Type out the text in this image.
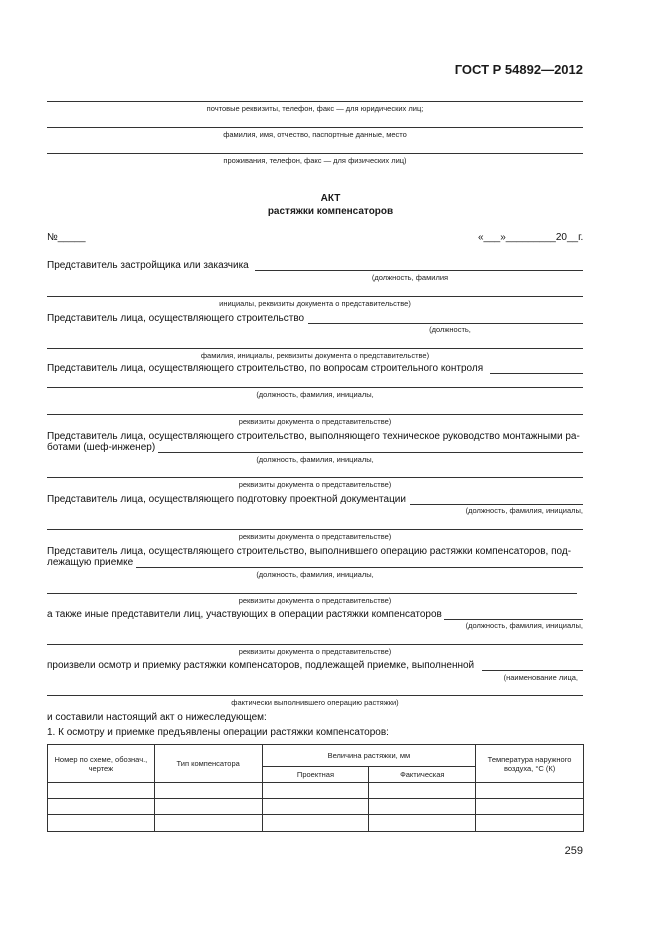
ГОСТ Р 54892—2012
почтовые реквизиты, телефон, факс — для юридических лиц;
фамилия, имя, отчество, паспортные данные, место
проживания, телефон, факс — для физических лиц)
АКТ
растяжки компенсаторов
№_____	«___»_________20__г.
Представитель застройщика или заказчика
(должность, фамилия
инициалы, реквизиты документа о представительстве)
Представитель лица, осуществляющего строительство
(должность,
фамилия, инициалы, реквизиты документа о представительстве)
Представитель лица, осуществляющего строительство, по вопросам строительного контроля
(должность, фамилия, инициалы,
реквизиты документа о представительстве)
Представитель лица, осуществляющего строительство, выполняющего техническое руководство монтажными ра-
ботами (шеф-инженер)
(должность, фамилия, инициалы,
реквизиты документа о представительстве)
Представитель лица, осуществляющего подготовку проектной документации
(должность, фамилия, инициалы,
реквизиты документа о представительстве)
Представитель лица, осуществляющего строительство, выполнившего операцию растяжки компенсаторов, под-
лежащую приемке
(должность, фамилия, инициалы,
реквизиты документа о представительстве)
а также иные представители лиц, участвующих в операции растяжки компенсаторов
(должность, фамилия, инициалы,
реквизиты документа о представительстве)
произвели осмотр и приемку растяжки компенсаторов, подлежащей приемке, выполненной
(наименование лица,
фактически выполнившего операцию растяжки)
и составили настоящий акт о нижеследующем:
1. К осмотру и приемке предъявлены операции растяжки компенсаторов:
Номер по схеме, обознач., чертеж	Тип компенсатора	Величина растяжки, мм		Температура наружного воздуха, °С (К)
		Проектная	Фактическая	

259
